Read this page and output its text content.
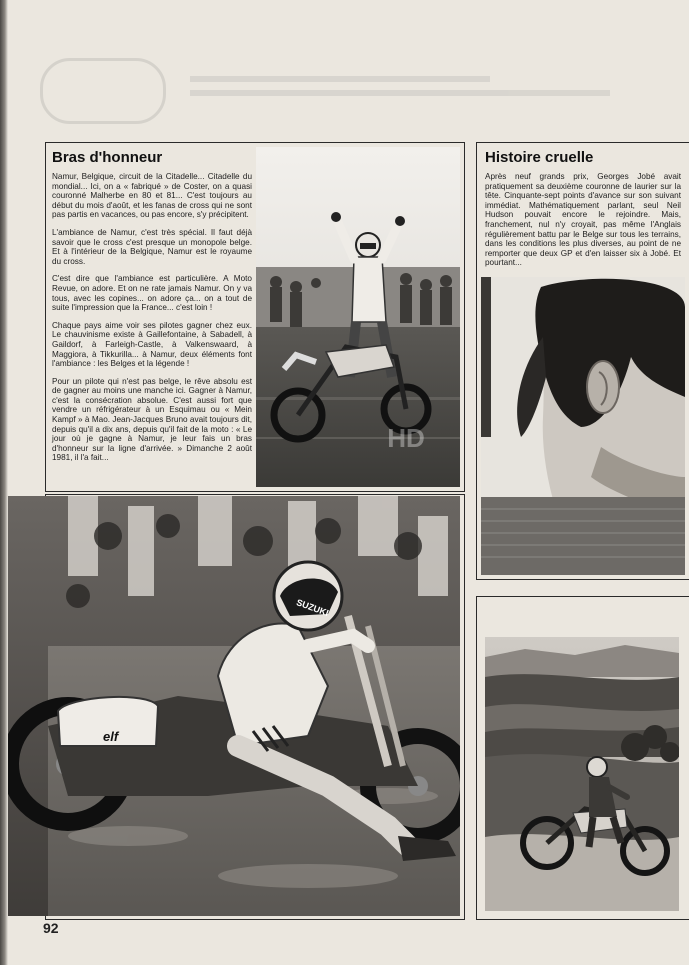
Bras d'honneur

Namur, Belgique, circuit de la Citadelle... Citadelle du mondial... Ici, on a « fabriqué » de Coster, on a quasi couronné Malherbe en 80 et 81... C'est toujours au début du mois d'août, et les fanas de cross qui ne sont pas partis en vacances, ou pas encore, s'y précipitent.

L'ambiance de Namur, c'est très spécial. Il faut déjà savoir que le cross c'est presque un monopole belge. Et à l'intérieur de la Belgique, Namur est le royaume du cross.

C'est dire que l'ambiance est particulière. A Moto Revue, on adore. Et on ne rate jamais Namur. On y va tous, avec les copines... on adore ça... on a tout de suite l'impression que la France... c'est loin !

Chaque pays aime voir ses pilotes gagner chez eux. Le chauvinisme existe à Gaillefontaine, à Sabadell, à Gaildorf, à Farleigh-Castle, à Valkenswaard, à Maggiora, à Tikkurilla... à Namur, deux éléments font l'ambiance : les Belges et la légende !

Pour un pilote qui n'est pas belge, le rêve absolu est de gagner au moins une manche ici. Gagner à Namur, c'est la consécration absolue. C'est aussi fort que vendre un réfrigérateur à un Esquimau ou « Mein Kampf » à Mao. Jean-Jacques Bruno avait toujours dit, depuis qu'il a dix ans, depuis qu'il fait de la moto : « Le jour où je gagne à Namur, je leur fais un bras d'honneur sur la ligne d'arrivée. » Dimanche 2 août 1981, il l'a fait...

HD
Histoire cruelle

Après neuf grands prix, Georges Jobé avait pratiquement sa deuxième couronne de laurier sur la tête. Cinquante-sept points d'avance sur son suivant immédiat. Mathématiquement parlant, seul Neil Hudson pouvait encore le rejoindre. Mais, franchement, nul n'y croyait, pas même l'Anglais régulièrement battu par le Belge sur tous les terrains, dans les conditions les plus diverses, au point de ne remporter que deux GP et d'en laisser six à Jobé. Et pourtant...

elf
SUZUKI
92
